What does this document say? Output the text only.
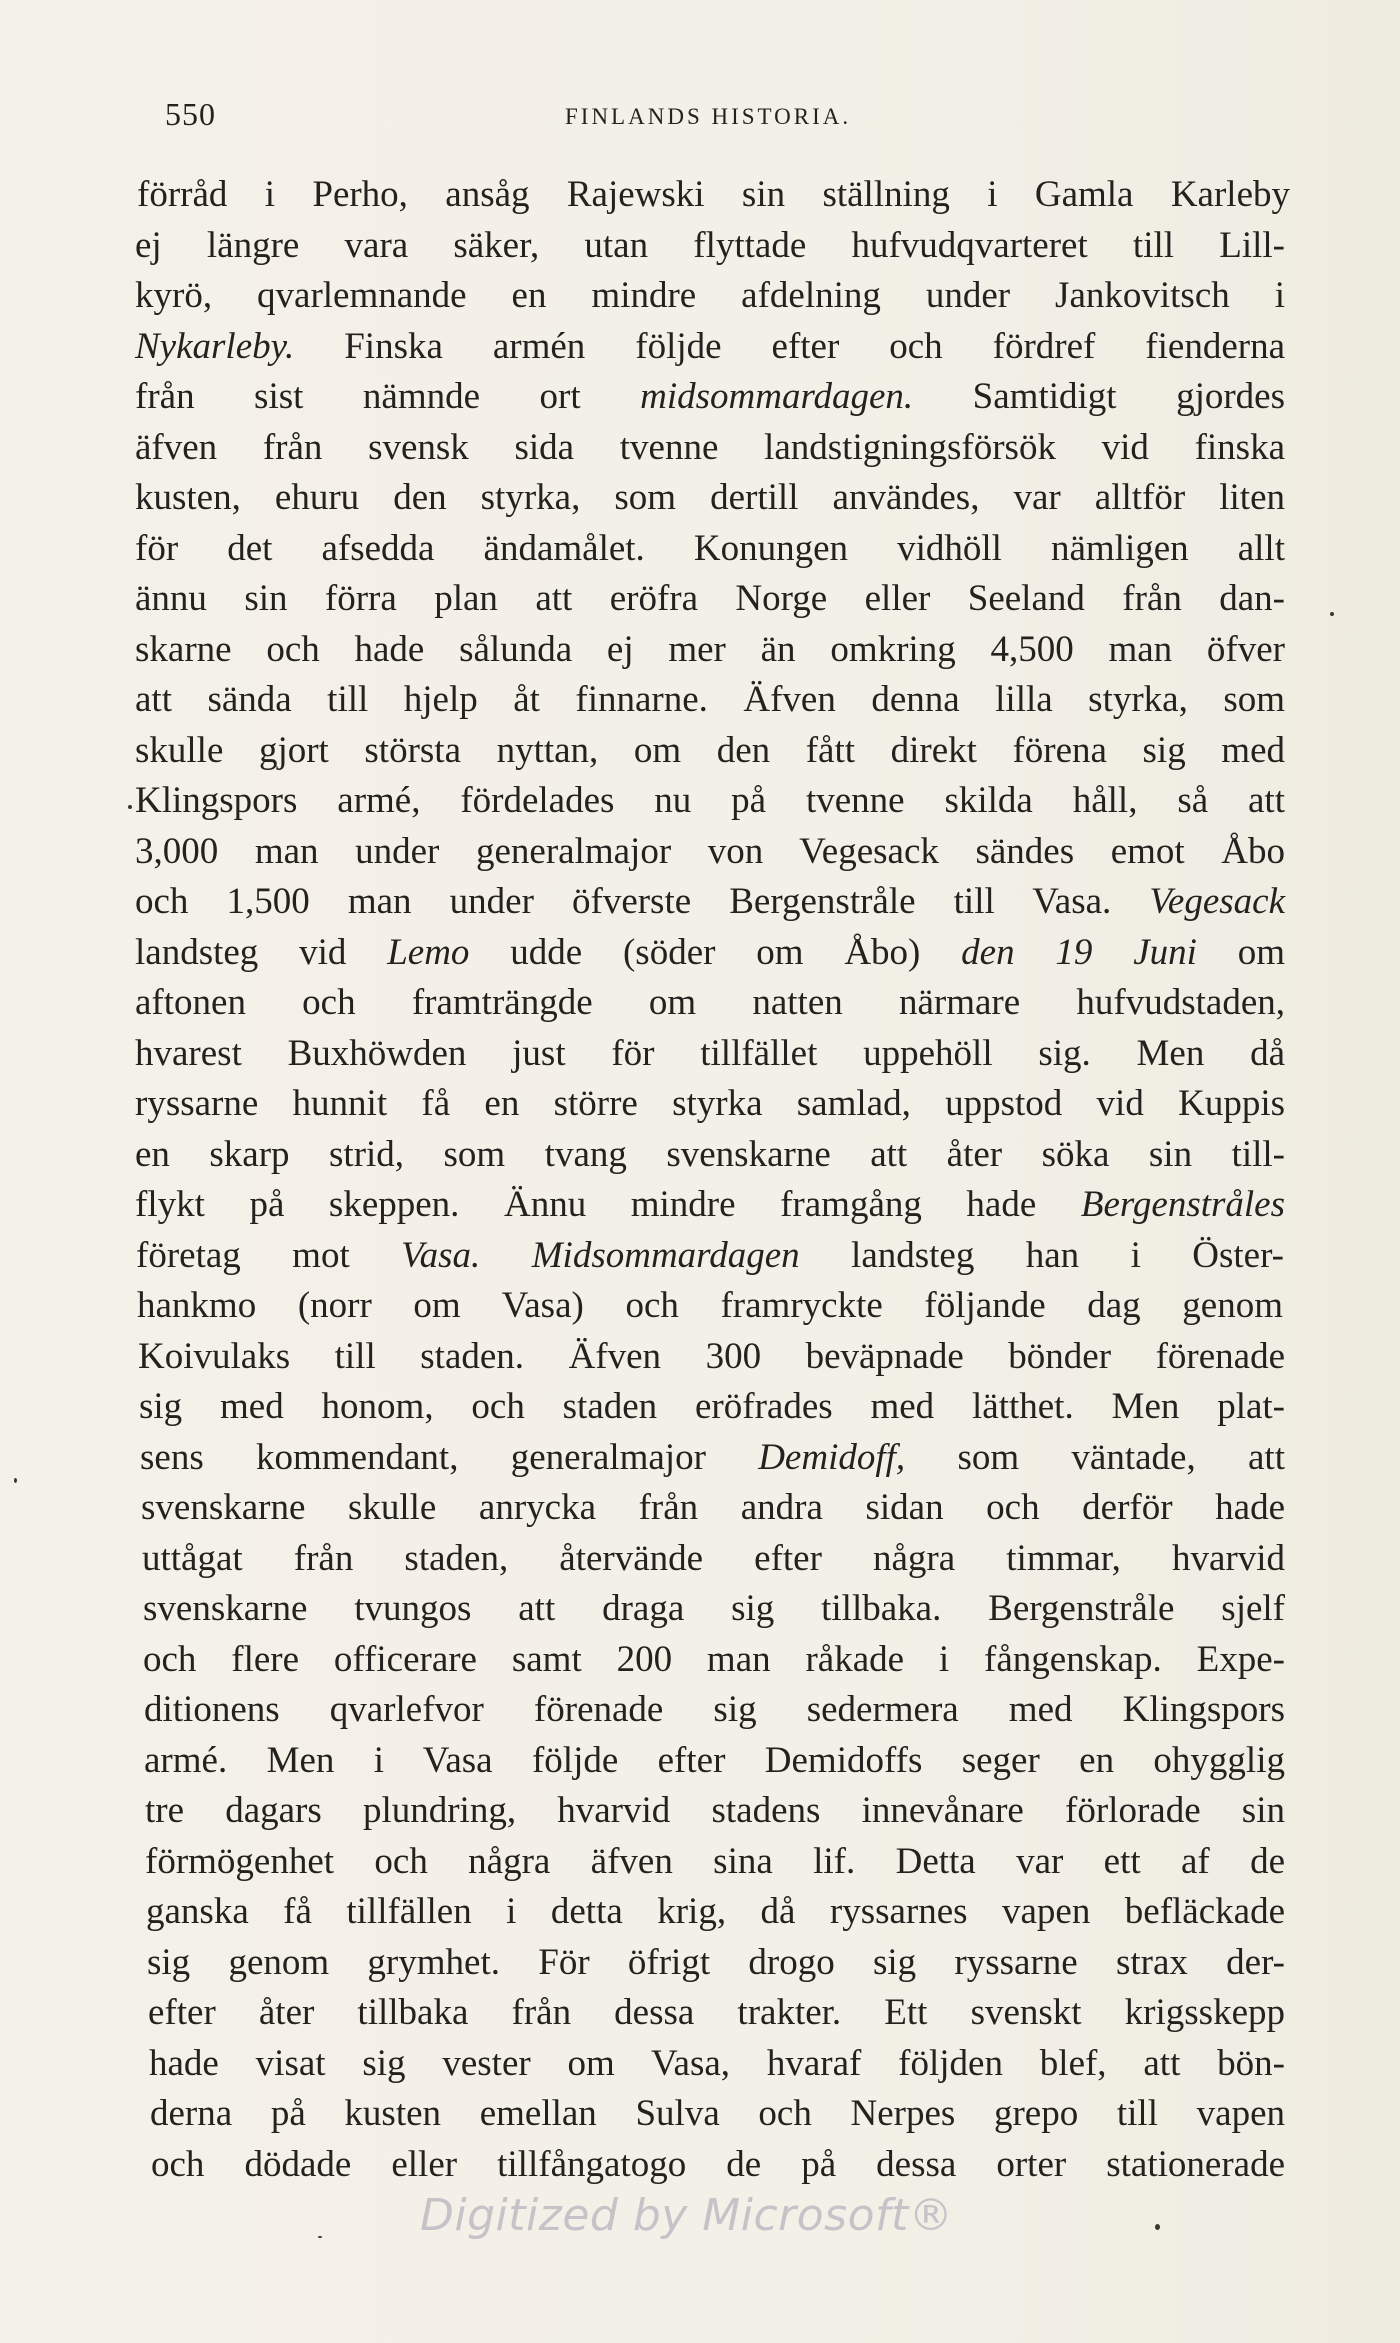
550	FINLANDS HISTORIA.
förråd i Perho, ansåg Rajewski sin ställning i Gamla Karleby
ej längre vara säker, utan flyttade hufvudqvarteret till Lill-
kyrö, qvarlemnande en mindre afdelning under Jankovitsch i
Nykarleby. Finska armén följde efter och fördref fienderna
från sist nämnde ort midsommardagen. Samtidigt gjordes
äfven från svensk sida tvenne landstigningsförsök vid finska
kusten, ehuru den styrka, som dertill användes, var alltför liten
för det afsedda ändamålet. Konungen vidhöll nämligen allt
ännu sin förra plan att eröfra Norge eller Seeland från dan-
skarne och hade sålunda ej mer än omkring 4,500 man öfver
att sända till hjelp åt finnarne. Äfven denna lilla styrka, som
skulle gjort största nyttan, om den fått direkt förena sig med
Klingspors armé, fördelades nu på tvenne skilda håll, så att
3,000 man under generalmajor von Vegesack sändes emot Åbo
och 1,500 man under öfverste Bergenstråle till Vasa. Vegesack
landsteg vid Lemo udde (söder om Åbo) den 19 Juni om
aftonen och framträngde om natten närmare hufvudstaden,
hvarest Buxhöwden just för tillfället uppehöll sig. Men då
ryssarne hunnit få en större styrka samlad, uppstod vid Kuppis
en skarp strid, som tvang svenskarne att åter söka sin till-
flykt på skeppen. Ännu mindre framgång hade Bergenstråles
företag mot Vasa. Midsommardagen landsteg han i Öster-
hankmo (norr om Vasa) och framryckte följande dag genom
Koivulaks till staden. Äfven 300 beväpnade bönder förenade
sig med honom, och staden eröfrades med lätthet. Men plat-
sens kommendant, generalmajor Demidoff, som väntade, att
svenskarne skulle anrycka från andra sidan och derför hade
uttågat från staden, återvände efter några timmar, hvarvid
svenskarne tvungos att draga sig tillbaka. Bergenstråle sjelf
och flere officerare samt 200 man råkade i fångenskap. Expe-
ditionens qvarlefvor förenade sig sedermera med Klingspors
armé. Men i Vasa följde efter Demidoffs seger en ohygglig
tre dagars plundring, hvarvid stadens innevånare förlorade sin
förmögenhet och några äfven sina lif. Detta var ett af de
ganska få tillfällen i detta krig, då ryssarnes vapen befläckade
sig genom grymhet. För öfrigt drogo sig ryssarne strax der-
efter åter tillbaka från dessa trakter. Ett svenskt krigsskepp
hade visat sig vester om Vasa, hvaraf följden blef, att bön-
derna på kusten emellan Sulva och Nerpes grepo till vapen
och dödade eller tillfångatogo de på dessa orter stationerade
Digitized by Microsoft®
